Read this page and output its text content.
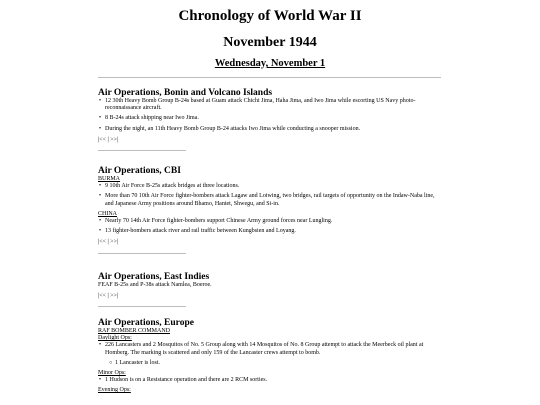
Chronology of World War II
November 1944
Wednesday, November 1
Air Operations, Bonin and Volcano Islands
• 12 30th Heavy Bomb Group B-24s based at Guam attack Chichi Jima, Haha Jima, and Iwo Jima while escorting US Navy photo-reconnaissance aircraft.
• 8 B-24s attack shipping near Iwo Jima.
• During the night, an 11th Heavy Bomb Group B-24 attacks Iwo Jima while conducting a snooper mission.
|<< | >>|
Air Operations, CBI
BURMA
• 9 10th Air Force B-25s attack bridges at three locations.
• More than 70 10th Air Force fighter-bombers attack Lagaw and Loiwing, two bridges, rail targets of opportunity on the Indaw-Naba line, and Japanese Army positions around Bhamo, Hantet, Shwegu, and Si-in.
CHINA
• Nearly 70 14th Air Force fighter-bombers support Chinese Army ground forces near Lungling.
• 13 fighter-bombers attack river and rail traffic between Kungbsien and Loyang.
|<< | >>|
Air Operations, East Indies
FEAF B-25s and P-38s attack Namlea, Boeroe.
|<< | >>|
Air Operations, Europe
RAF BOMBER COMMAND
Daylight Ops:
• 226 Lancasters and 2 Mosquitos of No. 5 Group along with 14 Mosquitos of No. 8 Group attempt to attack the Meerbeck oil plant at Homberg. The marking is scattered and only 159 of the Lancaster crews attempt to bomb.
○ 1 Lancaster is lost.
Minor Ops:
• 1 Hudson is on a Resistance operation and there are 2 RCM sorties.
Evening Ops:
